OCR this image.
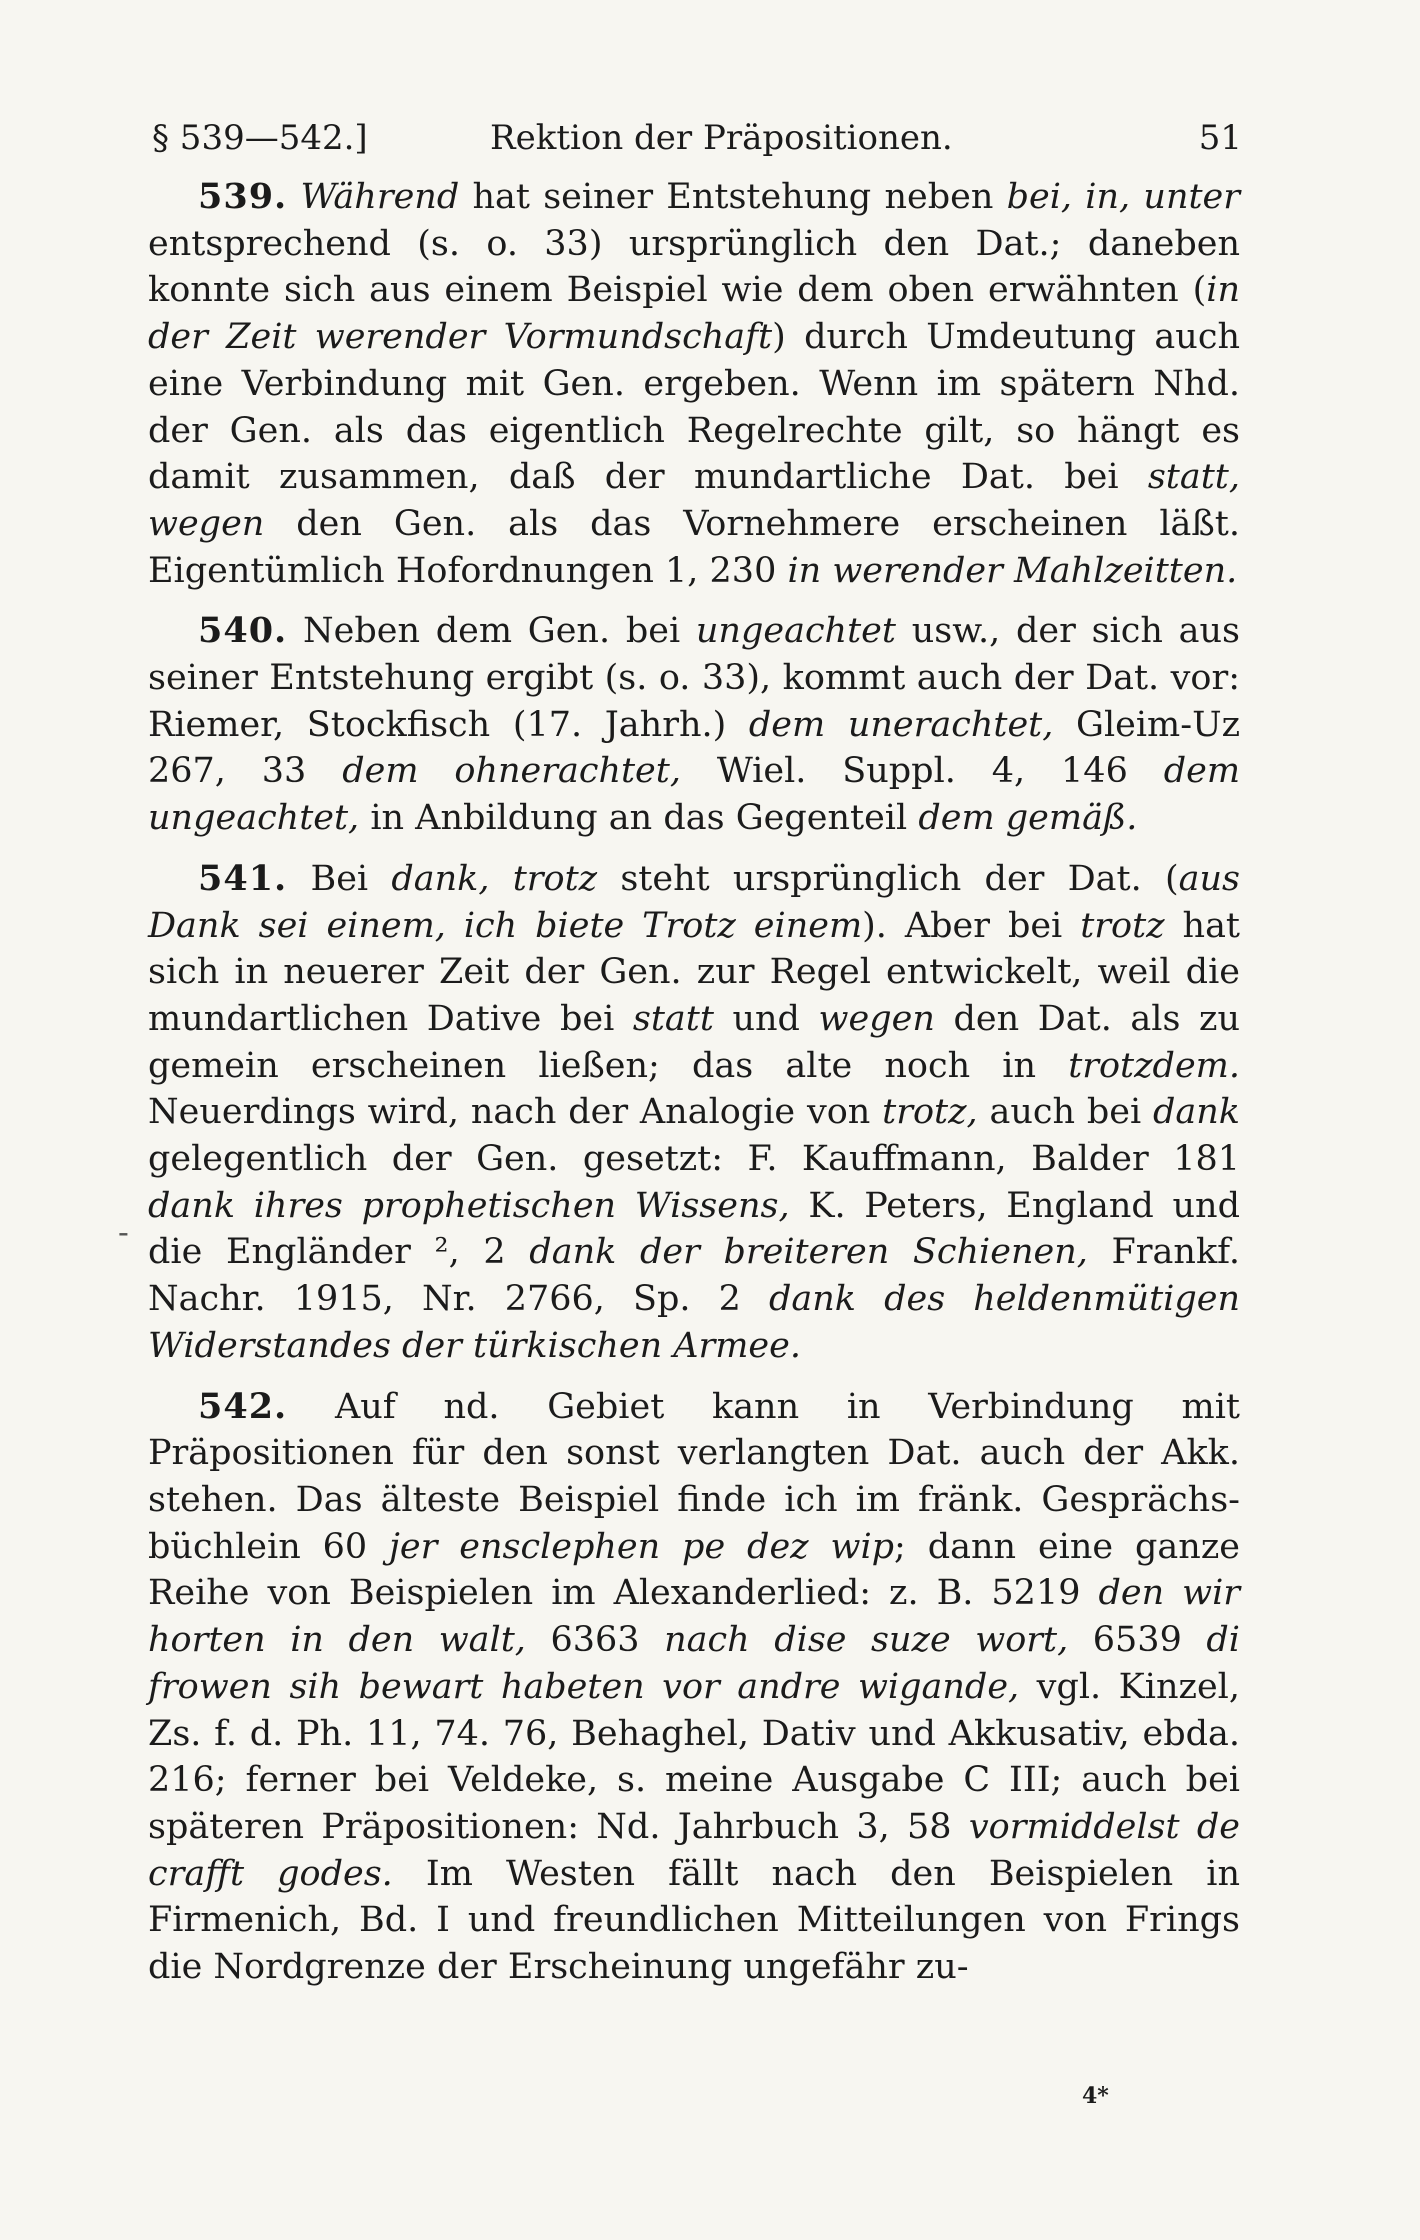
§ 539—542.]	Rektion der Präpositionen.	51
-

539. Während hat seiner Entstehung neben bei, in, unter entsprechend (s. o. 33) ursprünglich den Dat.; daneben konnte sich aus einem Beispiel wie dem oben erwähnten (in der Zeit werender Vormundschaft) durch Umdeutung auch eine Verbindung mit Gen. ergeben. Wenn im spätern Nhd. der Gen. als das eigentlich Regelrechte gilt, so hängt es damit zusammen, daß der mundartliche Dat. bei statt, wegen den Gen. als das Vornehmere erscheinen läßt. Eigentümlich Hofordnungen 1, 230 in werender Mahlzeitten.

540. Neben dem Gen. bei ungeachtet usw., der sich aus seiner Entstehung ergibt (s. o. 33), kommt auch der Dat. vor: Riemer, Stockfisch (17. Jahrh.) dem unerachtet, Gleim-Uz 267, 33 dem ohnerachtet, Wiel. Suppl. 4, 146 dem ungeachtet, in Anbildung an das Gegenteil dem gemäß.

541. Bei dank, trotz steht ursprünglich der Dat. (aus Dank sei einem, ich biete Trotz einem). Aber bei trotz hat sich in neuerer Zeit der Gen. zur Regel entwickelt, weil die mundartlichen Dative bei statt und wegen den Dat. als zu gemein erscheinen ließen; das alte noch in trotzdem. Neuerdings wird, nach der Analogie von trotz, auch bei dank gelegentlich der Gen. gesetzt: F. Kauffmann, Balder 181 dank ihres prophetischen Wissens, K. Peters, England und die Engländer ², 2 dank der breiteren Schienen, Frankf. Nachr. 1915, Nr. 2766, Sp. 2 dank des heldenmütigen Widerstandes der türkischen Armee.

542. Auf nd. Gebiet kann in Verbindung mit Präpositionen für den sonst verlangten Dat. auch der Akk. stehen. Das älteste Beispiel finde ich im fränk. Gesprächsbüchlein 60 jer ensclephen pe dez wip; dann eine ganze Reihe von Beispielen im Alexanderlied: z. B. 5219 den wir horten in den walt, 6363 nach dise suze wort, 6539 di frowen sih bewart habeten vor andre wigande, vgl. Kinzel, Zs. f. d. Ph. 11, 74. 76, Behaghel, Dativ und Akkusativ, ebda. 216; ferner bei Veldeke, s. meine Ausgabe C III; auch bei späteren Präpositionen: Nd. Jahrbuch 3, 58 vormiddelst de crafft godes. Im Westen fällt nach den Beispielen in Firmenich, Bd. I und freundlichen Mitteilungen von Frings die Nordgrenze der Erscheinung ungefähr zu-

4*
